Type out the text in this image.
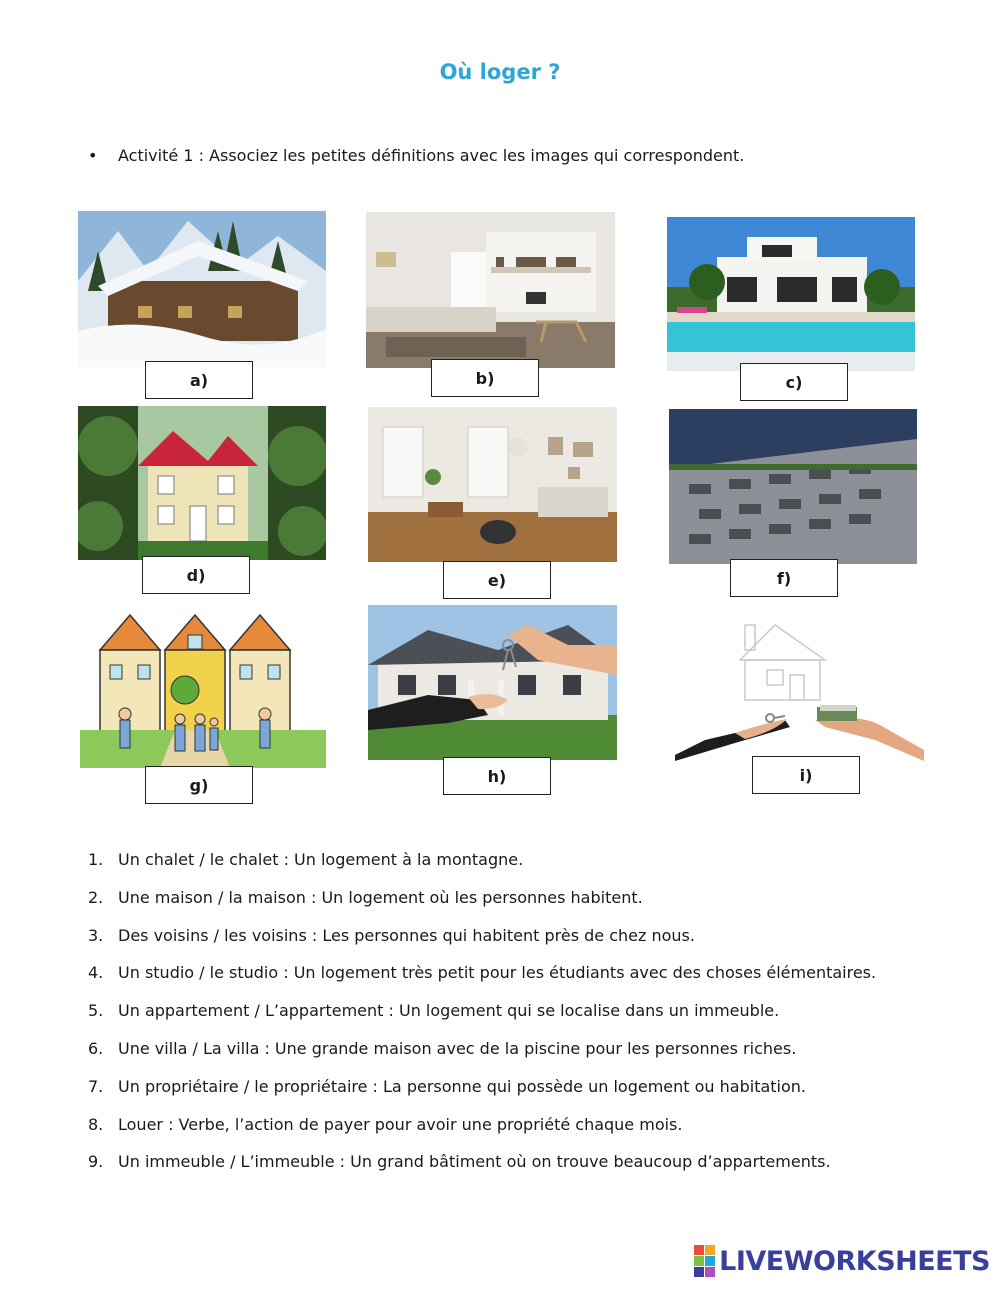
Où loger ?
• Activité 1 : Associez les petites définitions avec les images qui correspondent.
a)	b)	c)
d)	e)	f)
g)	h)	i)
1. Un chalet / le chalet : Un logement à la montagne.
2. Une maison / la maison : Un logement où les personnes habitent.
3. Des voisins / les voisins : Les personnes qui habitent près de chez nous.
4. Un studio / le studio : Un logement très petit pour les étudiants avec des choses élémentaires.
5. Un appartement / L’appartement : Un logement qui se localise dans un immeuble.
6. Une villa / La villa : Une grande maison avec de la piscine pour les personnes riches.
7. Un propriétaire / le propriétaire : La personne qui possède un logement ou habitation.
8. Louer : Verbe, l’action de payer pour avoir une propriété chaque mois.
9. Un immeuble / L’immeuble : Un grand bâtiment où on trouve beaucoup d’appartements.
LIVEWORKSHEETS
